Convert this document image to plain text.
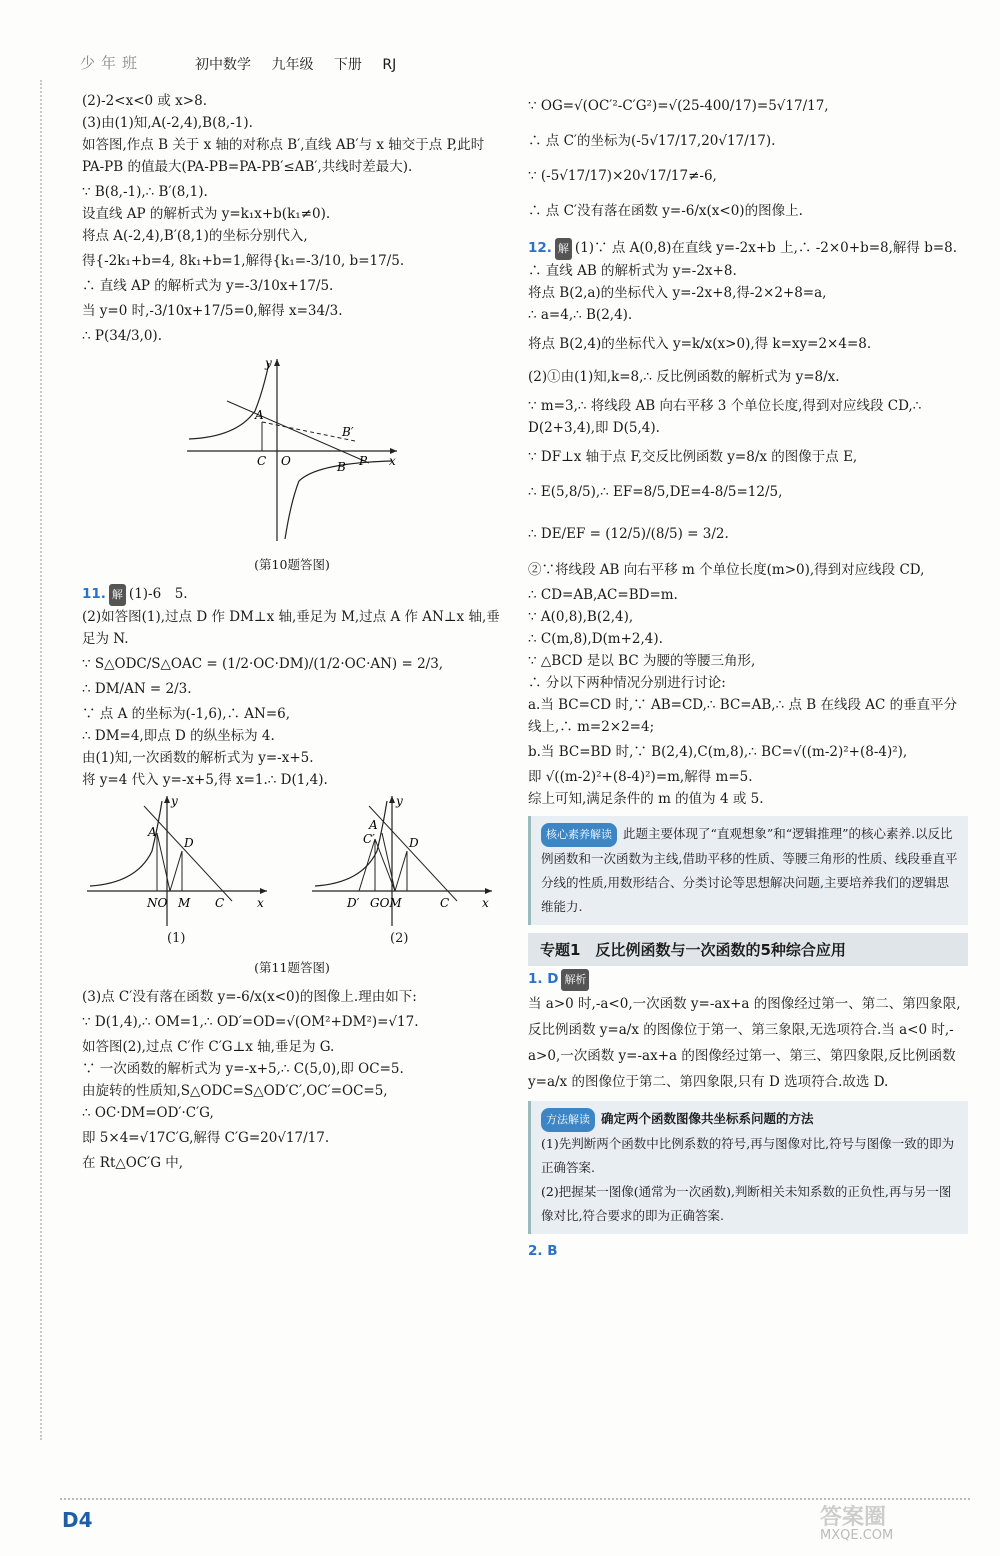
少年班	初中数学 九年级 下册 RJ

(2)-2<x<0 或 x>8.

(3)由(1)知,A(-2,4),B(8,-1).

如答图,作点 B 关于 x 轴的对称点 B′,直线 AB′与 x 轴交于点 P,此时 PA-PB 的值最大(PA-PB=PA-PB′≤AB′,共线时差最大).

∵ B(8,-1),∴ B′(8,1).

设直线 AP 的解析式为 y=k₁x+b(k₁≠0).

将点 A(-2,4),B′(8,1)的坐标分别代入,

得{-2k₁+b=4, 8k₁+b=1,解得{k₁=-3/10, b=17/5.

∴ 直线 AP 的解析式为 y=-3/10x+17/5.

当 y=0 时,-3/10x+17/5=0,解得 x=34/3.

∴ P(34/3,0).

A
C O
B′
B P x
y
(第10题答图)

11. 解 (1)-6　5.

(2)如答图(1),过点 D 作 DM⊥x 轴,垂足为 M,过点 A 作 AN⊥x 轴,垂足为 N.

∵ S△ODC/S△OAC = (1/2·OC·DM)/(1/2·OC·AN) = 2/3,

∴ DM/AN = 2/3.

∵ 点 A 的坐标为(-1,6),∴ AN=6,

∴ DM=4,即点 D 的纵坐标为 4.

由(1)知,一次函数的解析式为 y=-x+5.

将 y=4 代入 y=-x+5,得 x=1.∴ D(1,4).

A
D
NO M C	x
y
A
C′	D
D′ GOM	C	x
y
(1)	(2)
(第11题答图)

(3)点 C′没有落在函数 y=-6/x(x<0)的图像上.理由如下:

∵ D(1,4),∴ OM=1,∴ OD′=OD=√(OM²+DM²)=√17.

如答图(2),过点 C′作 C′G⊥x 轴,垂足为 G.

∵ 一次函数的解析式为 y=-x+5,∴ C(5,0),即 OC=5.

由旋转的性质知,S△ODC=S△OD′C′,OC′=OC=5,

∴ OC·DM=OD′·C′G,

即 5×4=√17C′G,解得 C′G=20√17/17.

在 Rt△OC′G 中,

∵ OG=√(OC′²-C′G²)=√(25-400/17)=5√17/17,

∴ 点 C′的坐标为(-5√17/17,20√17/17).

∵ (-5√17/17)×20√17/17≠-6,

∴ 点 C′没有落在函数 y=-6/x(x<0)的图像上.

12. 解 (1)∵ 点 A(0,8)在直线 y=-2x+b 上,∴ -2×0+b=8,解得 b=8.

∴ 直线 AB 的解析式为 y=-2x+8.

将点 B(2,a)的坐标代入 y=-2x+8,得-2×2+8=a,

∴ a=4,∴ B(2,4).

将点 B(2,4)的坐标代入 y=k/x(x>0),得 k=xy=2×4=8.

(2)①由(1)知,k=8,∴ 反比例函数的解析式为 y=8/x.

∵ m=3,∴ 将线段 AB 向右平移 3 个单位长度,得到对应线段 CD,∴ D(2+3,4),即 D(5,4).

∵ DF⊥x 轴于点 F,交反比例函数 y=8/x 的图像于点 E,

∴ E(5,8/5),∴ EF=8/5,DE=4-8/5=12/5,

∴ DE/EF = (12/5)/(8/5) = 3/2.

②∵将线段 AB 向右平移 m 个单位长度(m>0),得到对应线段 CD,

∴ CD=AB,AC=BD=m.

∵ A(0,8),B(2,4),

∴ C(m,8),D(m+2,4).

∵ △BCD 是以 BC 为腰的等腰三角形,

∴ 分以下两种情况分别进行讨论:

a.当 BC=CD 时,∵ AB=CD,∴ BC=AB,∴ 点 B 在线段 AC 的垂直平分线上,∴ m=2×2=4;

b.当 BC=BD 时,∵ B(2,4),C(m,8),∴ BC=√((m-2)²+(8-4)²),

即 √((m-2)²+(8-4)²)=m,解得 m=5.

综上可知,满足条件的 m 的值为 4 或 5.

核心素养解读 此题主要体现了“直观想象”和“逻辑推理”的核心素养.以反比例函数和一次函数为主线,借助平移的性质、等腰三角形的性质、线段垂直平分线的性质,用数形结合、分类讨论等思想解决问题,主要培养我们的逻辑思维能力.
专题1　反比例函数与一次函数的5种综合应用

1. D 解析

当 a>0 时,-a<0,一次函数 y=-ax+a 的图像经过第一、第二、第四象限,反比例函数 y=a/x 的图像位于第一、第三象限,无选项符合.当 a<0 时,-a>0,一次函数 y=-ax+a 的图像经过第一、第三、第四象限,反比例函数 y=a/x 的图像位于第二、第四象限,只有 D 选项符合.故选 D.

方法解读 确定两个函数图像共坐标系问题的方法
(1)先判断两个函数中比例系数的符号,再与图像对比,符号与图像一致的即为正确答案.
(2)把握某一图像(通常为一次函数),判断相关未知系数的正负性,再与另一图像对比,符合要求的即为正确答案.

2. B

D4	答案圈
MXQE.COM
